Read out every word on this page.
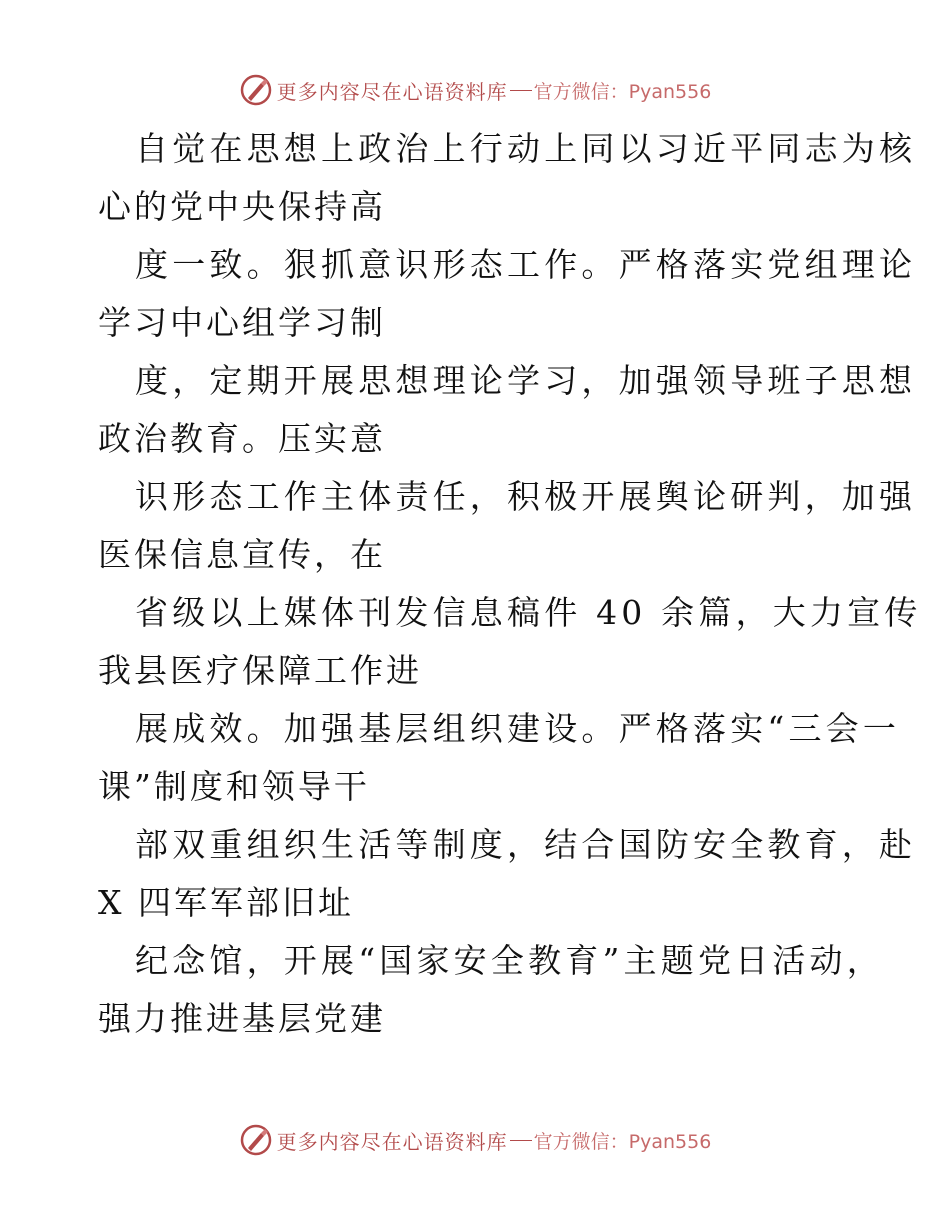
更多内容尽在心语资料库 官方微信：Pyan556
自觉在思想上政治上行动上同以习近平同志为核
心的党中央保持高
度一致。狠抓意识形态工作。严格落实党组理论
学习中心组学习制
度，定期开展思想理论学习，加强领导班子思想
政治教育。压实意
识形态工作主体责任，积极开展舆论研判，加强
医保信息宣传，在
省级以上媒体刊发信息稿件 40 余篇，大力宣传
我县医疗保障工作进
展成效。加强基层组织建设。严格落实“三会一
课”制度和领导干
部双重组织生活等制度，结合国防安全教育，赴
X 四军军部旧址
纪念馆，开展“国家安全教育”主题党日活动，
强力推进基层党建
更多内容尽在心语资料库 官方微信：Pyan556
